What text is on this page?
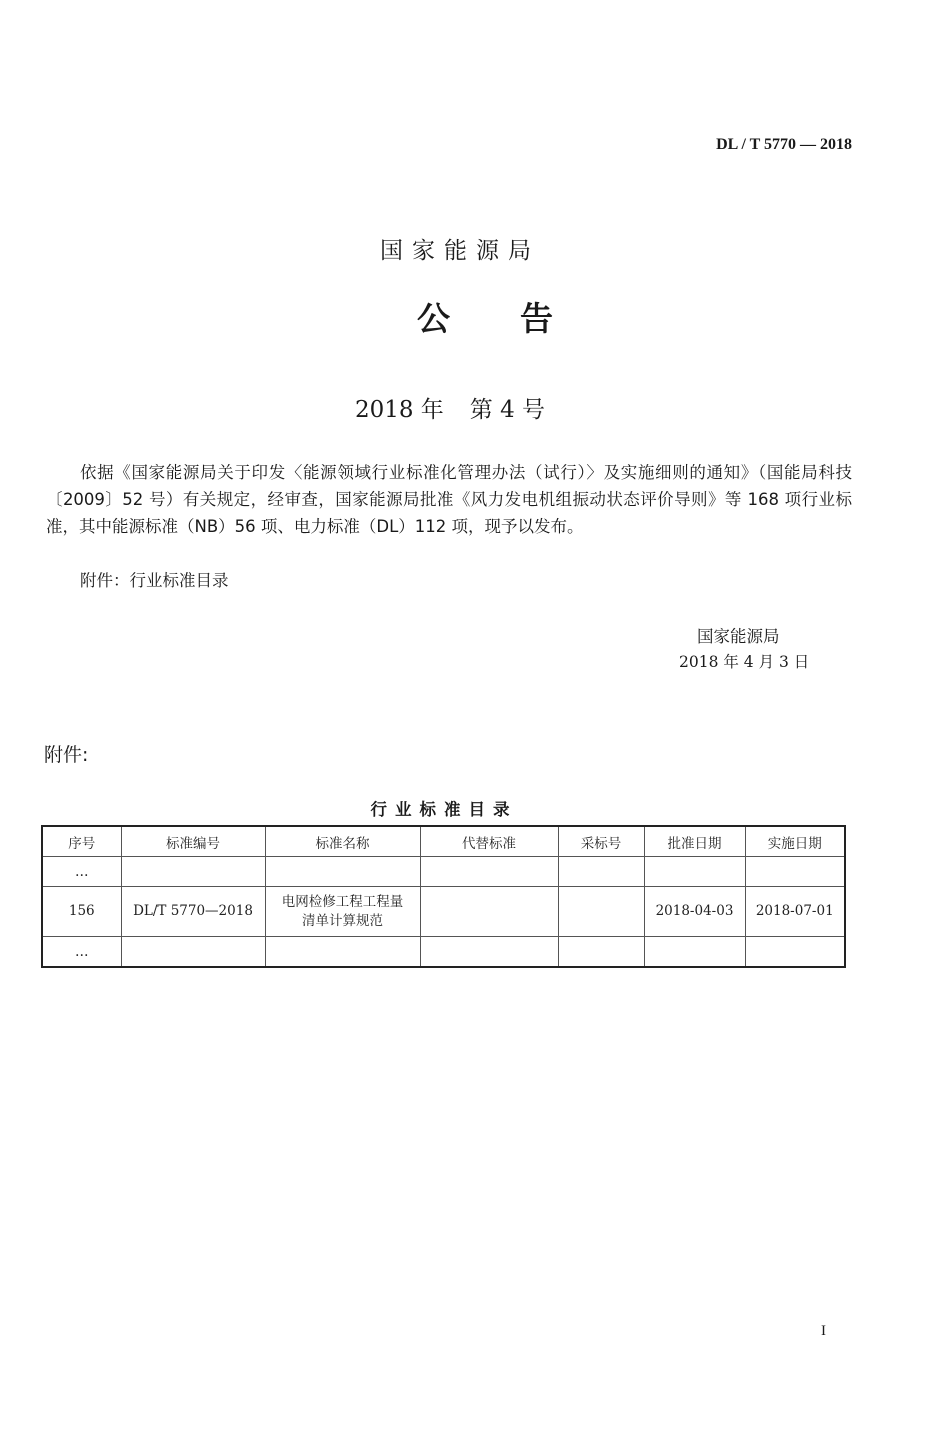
DL / T 5770 — 2018
国家能源局
公告
2018 年 第 4 号
依据《国家能源局关于印发〈能源领域行业标准化管理办法（试行）〉及实施细则的通知》（国能局科技〔2009〕52 号）有关规定，经审查，国家能源局批准《风力发电机组振动状态评价导则》等 168 项行业标准，其中能源标准（NB）56 项、电力标准（DL）112 项，现予以发布。
附件：行业标准目录
国家能源局
2018 年 4 月 3 日
附件:
行业标准目录
序号	标准编号	标准名称	代替标准	采标号	批准日期	实施日期
…						
156	DL/T 5770—2018	电网检修工程工程量清单计算规范			2018-04-03	2018-07-01
…						
I
